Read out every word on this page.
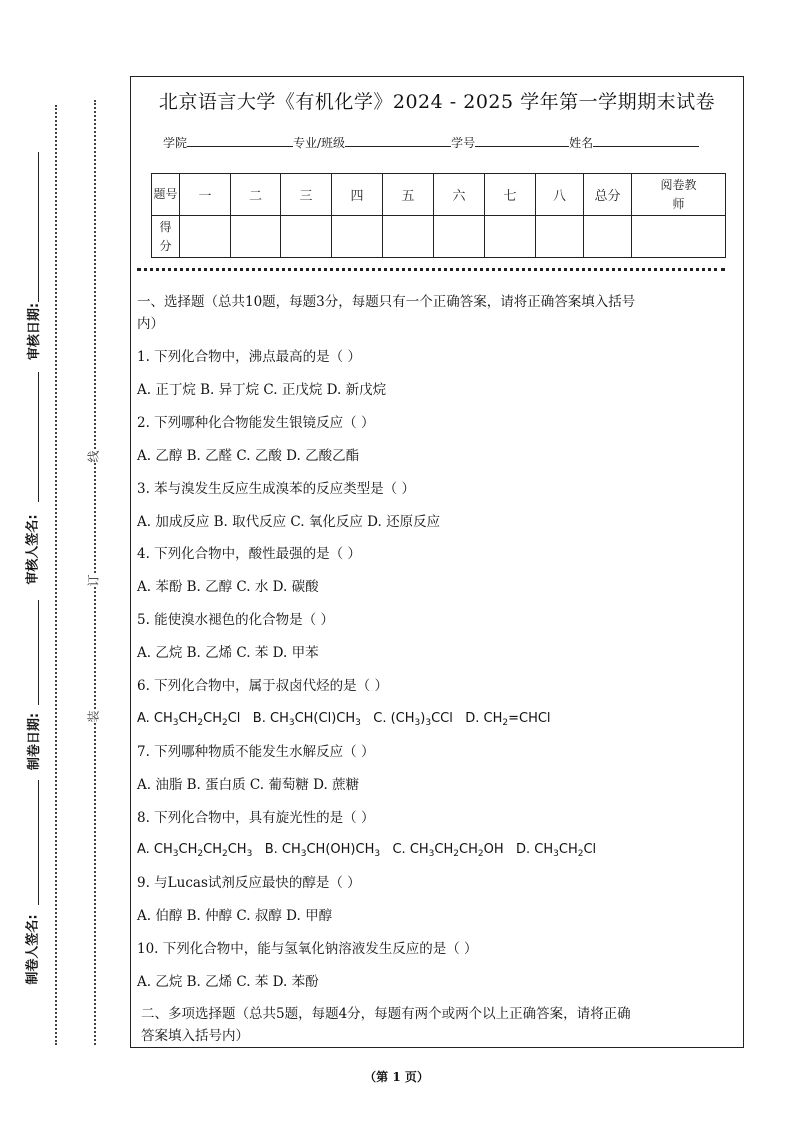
审核日期:
审核人签名:
制卷日期:
制卷人签名:
线
订
装
北京语言大学《有机化学》2024 - 2025 学年第一学期期末试卷
学院	专业/班级	学号	姓名
题号	一	二	三	四	五	六	七	八	总分	阅卷教师
得分										
一、选择题（总共10题，每题3分，每题只有一个正确答案，请将正确答案填入括号
内）
1. 下列化合物中，沸点最高的是（ ）
A. 正丁烷 B. 异丁烷 C. 正戊烷 D. 新戊烷
2. 下列哪种化合物能发生银镜反应（ ）
A. 乙醇 B. 乙醛 C. 乙酸 D. 乙酸乙酯
3. 苯与溴发生反应生成溴苯的反应类型是（ ）
A. 加成反应 B. 取代反应 C. 氧化反应 D. 还原反应
4. 下列化合物中，酸性最强的是（ ）
A. 苯酚 B. 乙醇 C. 水 D. 碳酸
5. 能使溴水褪色的化合物是（ ）
A. 乙烷 B. 乙烯 C. 苯 D. 甲苯
6. 下列化合物中，属于叔卤代烃的是（ ）
A. $CH_3CH_2CH_2Cl$   B. $CH_3CH(Cl)CH_3$   C. $(CH_3)_3CCl$   D. $CH_2=CHCl$
7. 下列哪种物质不能发生水解反应（ ）
A. 油脂 B. 蛋白质 C. 葡萄糖 D. 蔗糖
8. 下列化合物中，具有旋光性的是（ ）
A. $CH_3CH_2CH_2CH_3$   B. $CH_3CH(OH)CH_3$   C. $CH_3CH_2CH_2OH$   D. $CH_3CH_2Cl$
9. 与Lucas试剂反应最快的醇是（ ）
A. 伯醇 B. 仲醇 C. 叔醇 D. 甲醇
10. 下列化合物中，能与氢氧化钠溶液发生反应的是（ ）
A. 乙烷 B. 乙烯 C. 苯 D. 苯酚
二、多项选择题（总共5题，每题4分，每题有两个或两个以上正确答案，请将正确
答案填入括号内）
（第 1 页）
